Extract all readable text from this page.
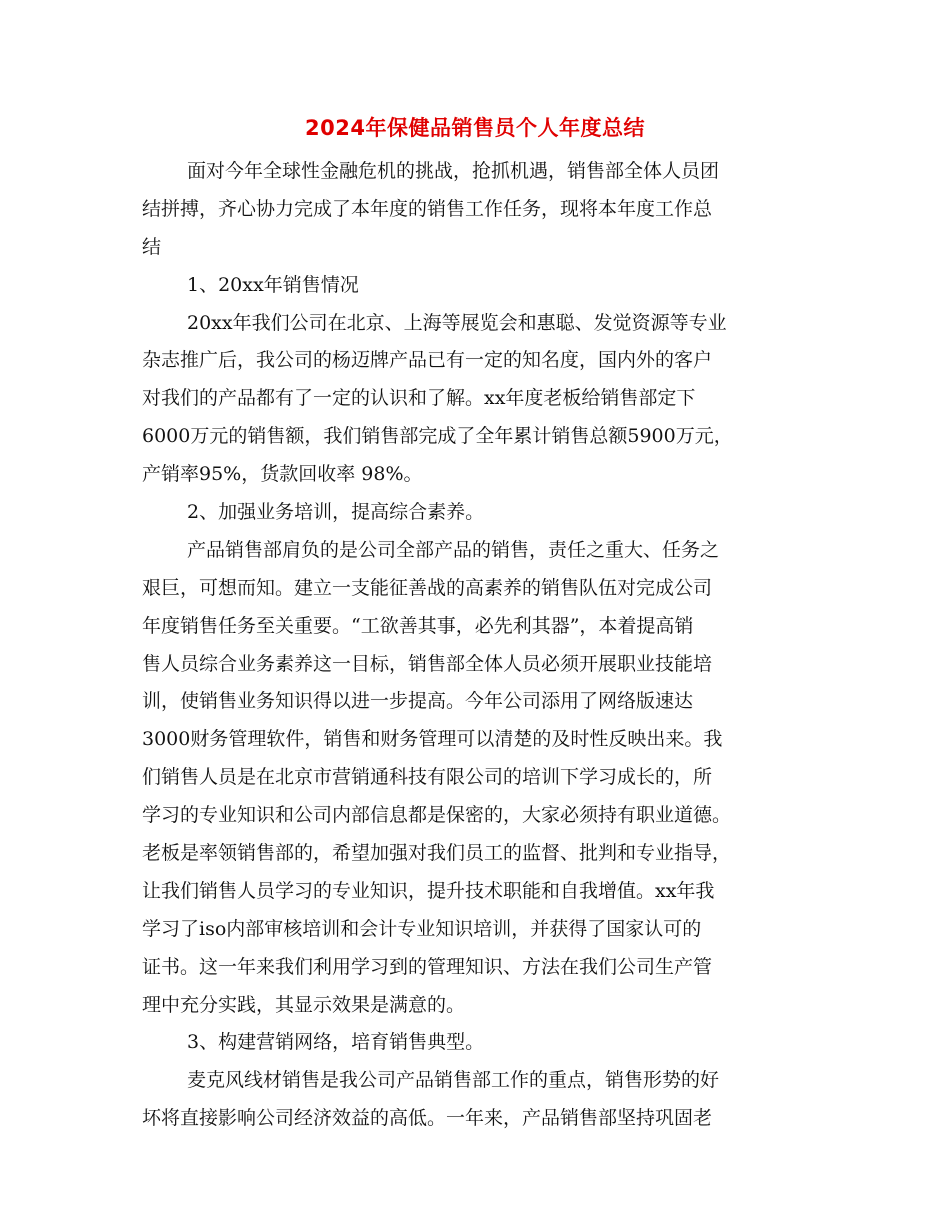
2024年保健品销售员个人年度总结
面对今年全球性金融危机的挑战，抢抓机遇，销售部全体人员团
结拼搏，齐心协力完成了本年度的销售工作任务，现将本年度工作总
结
1、20xx年销售情况
20xx年我们公司在北京、上海等展览会和惠聪、发觉资源等专业
杂志推广后，我公司的杨迈牌产品已有一定的知名度，国内外的客户
对我们的产品都有了一定的认识和了解。xx年度老板给销售部定下
6000万元的销售额，我们销售部完成了全年累计销售总额5900万元，
产销率95%，货款回收率 98%。
2、加强业务培训，提高综合素养。
产品销售部肩负的是公司全部产品的销售，责任之重大、任务之
艰巨，可想而知。建立一支能征善战的高素养的销售队伍对完成公司
年度销售任务至关重要。“工欲善其事，必先利其器”，本着提高销
售人员综合业务素养这一目标，销售部全体人员必须开展职业技能培
训，使销售业务知识得以进一步提高。今年公司添用了网络版速达
3000财务管理软件，销售和财务管理可以清楚的及时性反映出来。我
们销售人员是在北京市营销通科技有限公司的培训下学习成长的，所
学习的专业知识和公司内部信息都是保密的，大家必须持有职业道德。
老板是率领销售部的，希望加强对我们员工的监督、批判和专业指导，
让我们销售人员学习的专业知识，提升技术职能和自我增值。xx年我
学习了iso内部审核培训和会计专业知识培训，并获得了国家认可的
证书。这一年来我们利用学习到的管理知识、方法在我们公司生产管
理中充分实践，其显示效果是满意的。
3、构建营销网络，培育销售典型。
麦克风线材销售是我公司产品销售部工作的重点，销售形势的好
坏将直接影响公司经济效益的高低。一年来，产品销售部坚持巩固老
